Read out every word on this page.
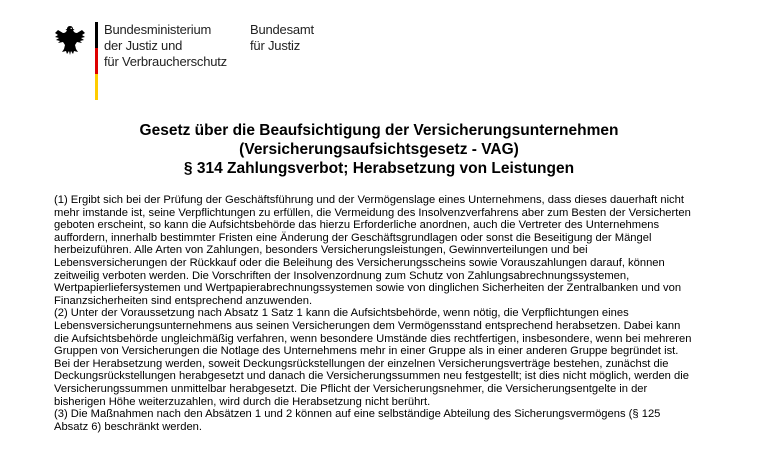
Bundesministerium
der Justiz und
für Verbraucherschutz
Bundesamt
für Justiz
Gesetz über die Beaufsichtigung der Versicherungsunternehmen
(Versicherungsaufsichtsgesetz - VAG)
§ 314 Zahlungsverbot; Herabsetzung von Leistungen

(1) Ergibt sich bei der Prüfung der Geschäftsführung und der Vermögenslage eines Unternehmens, dass dieses dauerhaft nicht mehr imstande ist, seine Verpflichtungen zu erfüllen, die Vermeidung des Insolvenzverfahrens aber zum Besten der Versicherten geboten erscheint, so kann die Aufsichtsbehörde das hierzu Erforderliche anordnen, auch die Vertreter des Unternehmens auffordern, innerhalb bestimmter Fristen eine Änderung der Geschäftsgrundlagen oder sonst die Beseitigung der Mängel herbeizuführen. Alle Arten von Zahlungen, besonders Versicherungsleistungen, Gewinnverteilungen und bei Lebensversicherungen der Rückkauf oder die Beleihung des Versicherungsscheins sowie Vorauszahlungen darauf, können zeitweilig verboten werden. Die Vorschriften der Insolvenzordnung zum Schutz von Zahlungsabrechnungssystemen, Wertpapierliefersystemen und Wertpapierabrechnungssystemen sowie von dinglichen Sicherheiten der Zentralbanken und von Finanzsicherheiten sind entsprechend anzuwenden.

(2) Unter der Voraussetzung nach Absatz 1 Satz 1 kann die Aufsichtsbehörde, wenn nötig, die Verpflichtungen eines Lebensversicherungsunternehmens aus seinen Versicherungen dem Vermögensstand entsprechend herabsetzen. Dabei kann die Aufsichtsbehörde ungleichmäßig verfahren, wenn besondere Umstände dies rechtfertigen, insbesondere, wenn bei mehreren Gruppen von Versicherungen die Notlage des Unternehmens mehr in einer Gruppe als in einer anderen Gruppe begründet ist. Bei der Herabsetzung werden, soweit Deckungsrückstellungen der einzelnen Versicherungsverträge bestehen, zunächst die Deckungsrückstellungen herabgesetzt und danach die Versicherungssummen neu festgestellt; ist dies nicht möglich, werden die Versicherungssummen unmittelbar herabgesetzt. Die Pflicht der Versicherungsnehmer, die Versicherungsentgelte in der bisherigen Höhe weiterzuzahlen, wird durch die Herabsetzung nicht berührt.

(3) Die Maßnahmen nach den Absätzen 1 und 2 können auf eine selbständige Abteilung des Sicherungsvermögens (§ 125 Absatz 6) beschränkt werden.
